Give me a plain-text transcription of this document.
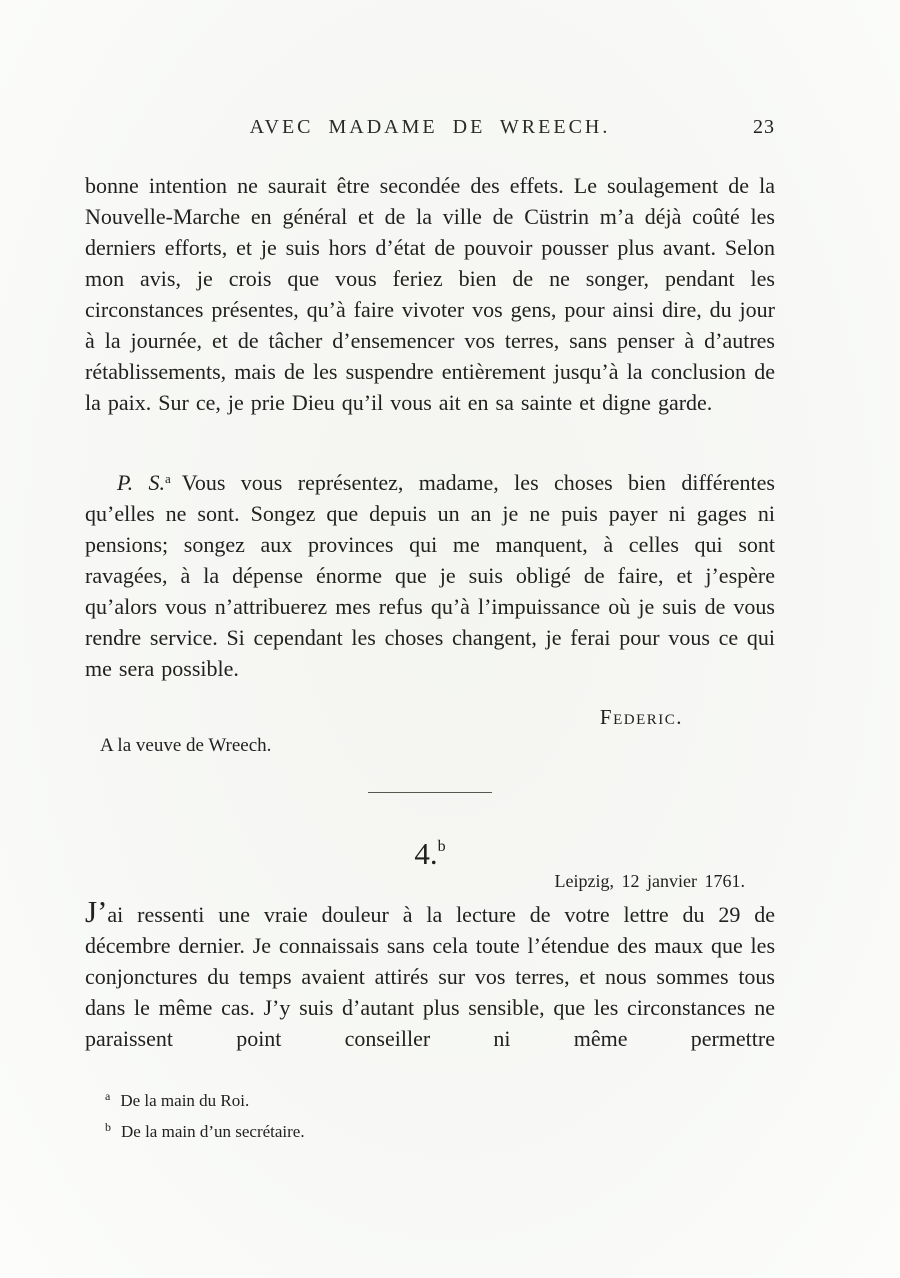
AVEC MADAME DE WREECH.	23

bonne intention ne saurait être secondée des effets. Le soulagement de la Nouvelle-Marche en général et de la ville de Cüstrin m’a déjà coûté les derniers efforts, et je suis hors d’état de pouvoir pousser plus avant. Selon mon avis, je crois que vous feriez bien de ne songer, pendant les circonstances présentes, qu’à faire vivoter vos gens, pour ainsi dire, du jour à la journée, et de tâcher d’ensemencer vos terres, sans penser à d’autres rétablissements, mais de les suspendre entièrement jusqu’à la conclusion de la paix. Sur ce, je prie Dieu qu’il vous ait en sa sainte et digne garde.

P. S.$^a$  Vous vous représentez, madame, les choses bien différentes qu’elles ne sont. Songez que depuis un an je ne puis payer ni gages ni pensions; songez aux provinces qui me manquent, à celles qui sont ravagées, à la dépense énorme que je suis obligé de faire, et j’espère qu’alors vous n’attribuerez mes refus qu’à l’impuissance où je suis de vous rendre service. Si cependant les choses changent, je ferai pour vous ce qui me sera possible.

Federic.
A la veuve de Wreech.
4.$^b$
Leipzig, 12 janvier 1761.

J’ai ressenti une vraie douleur à la lecture de votre lettre du 29 de décembre dernier. Je connaissais sans cela toute l’étendue des maux que les conjonctures du temps avaient attirés sur vos terres, et nous sommes tous dans le même cas. J’y suis d’autant plus sensible, que les circonstances ne paraissent point conseiller ni même permettre

$^a$ De la main du Roi.

$^b$ De la main d’un secrétaire.
